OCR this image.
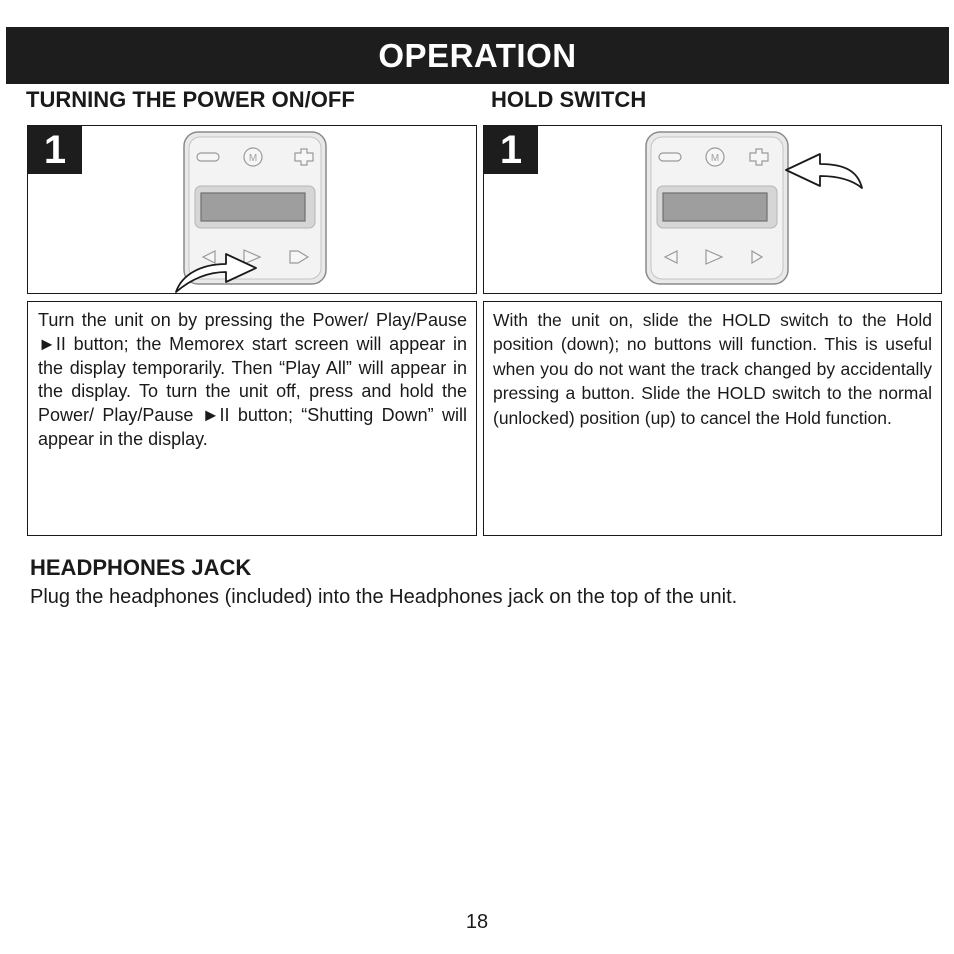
OPERATION
TURNING THE POWER ON/OFF	HOLD SWITCH
1	M	1	M

Turn the unit on by pressing the Power/ Play/Pause ►II button; the Memorex start screen will appear in the display temporarily. Then “Play All” will appear in the display. To turn the unit off, press and hold the Power/ Play/Pause ►II button; “Shutting Down” will appear in the display.

With the unit on, slide the HOLD switch to the Hold position (down); no buttons will function. This is useful when you do not want the track changed by accidentally pressing a button. Slide the HOLD switch to the normal (unlocked) position (up) to cancel the Hold function.

HEADPHONES JACK

Plug the headphones (included) into the Headphones jack on the top of the unit.

18
